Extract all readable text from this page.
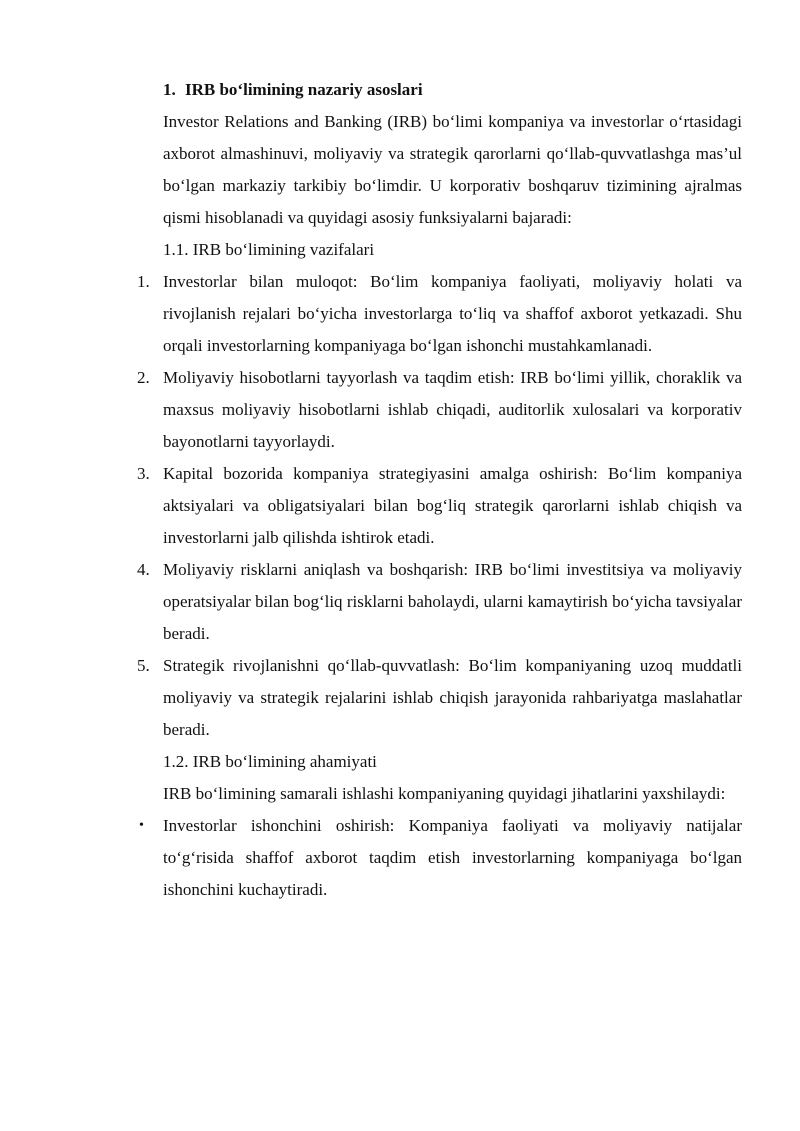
1. IRB bo‘limining nazariy asoslari

Investor Relations and Banking (IRB) bo‘limi kompaniya va investorlar o‘rtasidagi axborot almashinuvi, moliyaviy va strategik qarorlarni qo‘llab-quvvatlashga mas’ul bo‘lgan markaziy tarkibiy bo‘limdir. U korporativ boshqaruv tizimining ajralmas qismi hisoblanadi va quyidagi asosiy funksiyalarni bajaradi:

1.1. IRB bo‘limining vazifalari

1. Investorlar bilan muloqot: Bo‘lim kompaniya faoliyati, moliyaviy holati va rivojlanish rejalari bo‘yicha investorlarga to‘liq va shaffof axborot yetkazadi. Shu orqali investorlarning kompaniyaga bo‘lgan ishonchi mustahkamlanadi.
2. Moliyaviy hisobotlarni tayyorlash va taqdim etish: IRB bo‘limi yillik, choraklik va maxsus moliyaviy hisobotlarni ishlab chiqadi, auditorlik xulosalari va korporativ bayonotlarni tayyorlaydi.
3. Kapital bozorida kompaniya strategiyasini amalga oshirish: Bo‘lim kompaniya aktsiyalari va obligatsiyalari bilan bog‘liq strategik qarorlarni ishlab chiqish va investorlarni jalb qilishda ishtirok etadi.
4. Moliyaviy risklarni aniqlash va boshqarish: IRB bo‘limi investitsiya va moliyaviy operatsiyalar bilan bog‘liq risklarni baholaydi, ularni kamaytirish bo‘yicha tavsiyalar beradi.
5. Strategik rivojlanishni qo‘llab-quvvatlash: Bo‘lim kompaniyaning uzoq muddatli moliyaviy va strategik rejalarini ishlab chiqish jarayonida rahbariyatga maslahatlar beradi.

1.2. IRB bo‘limining ahamiyati

IRB bo‘limining samarali ishlashi kompaniyaning quyidagi jihatlarini yaxshilaydi:

• Investorlar ishonchini oshirish: Kompaniya faoliyati va moliyaviy natijalar to‘g‘risida shaffof axborot taqdim etish investorlarning kompaniyaga bo‘lgan ishonchini kuchaytiradi.
